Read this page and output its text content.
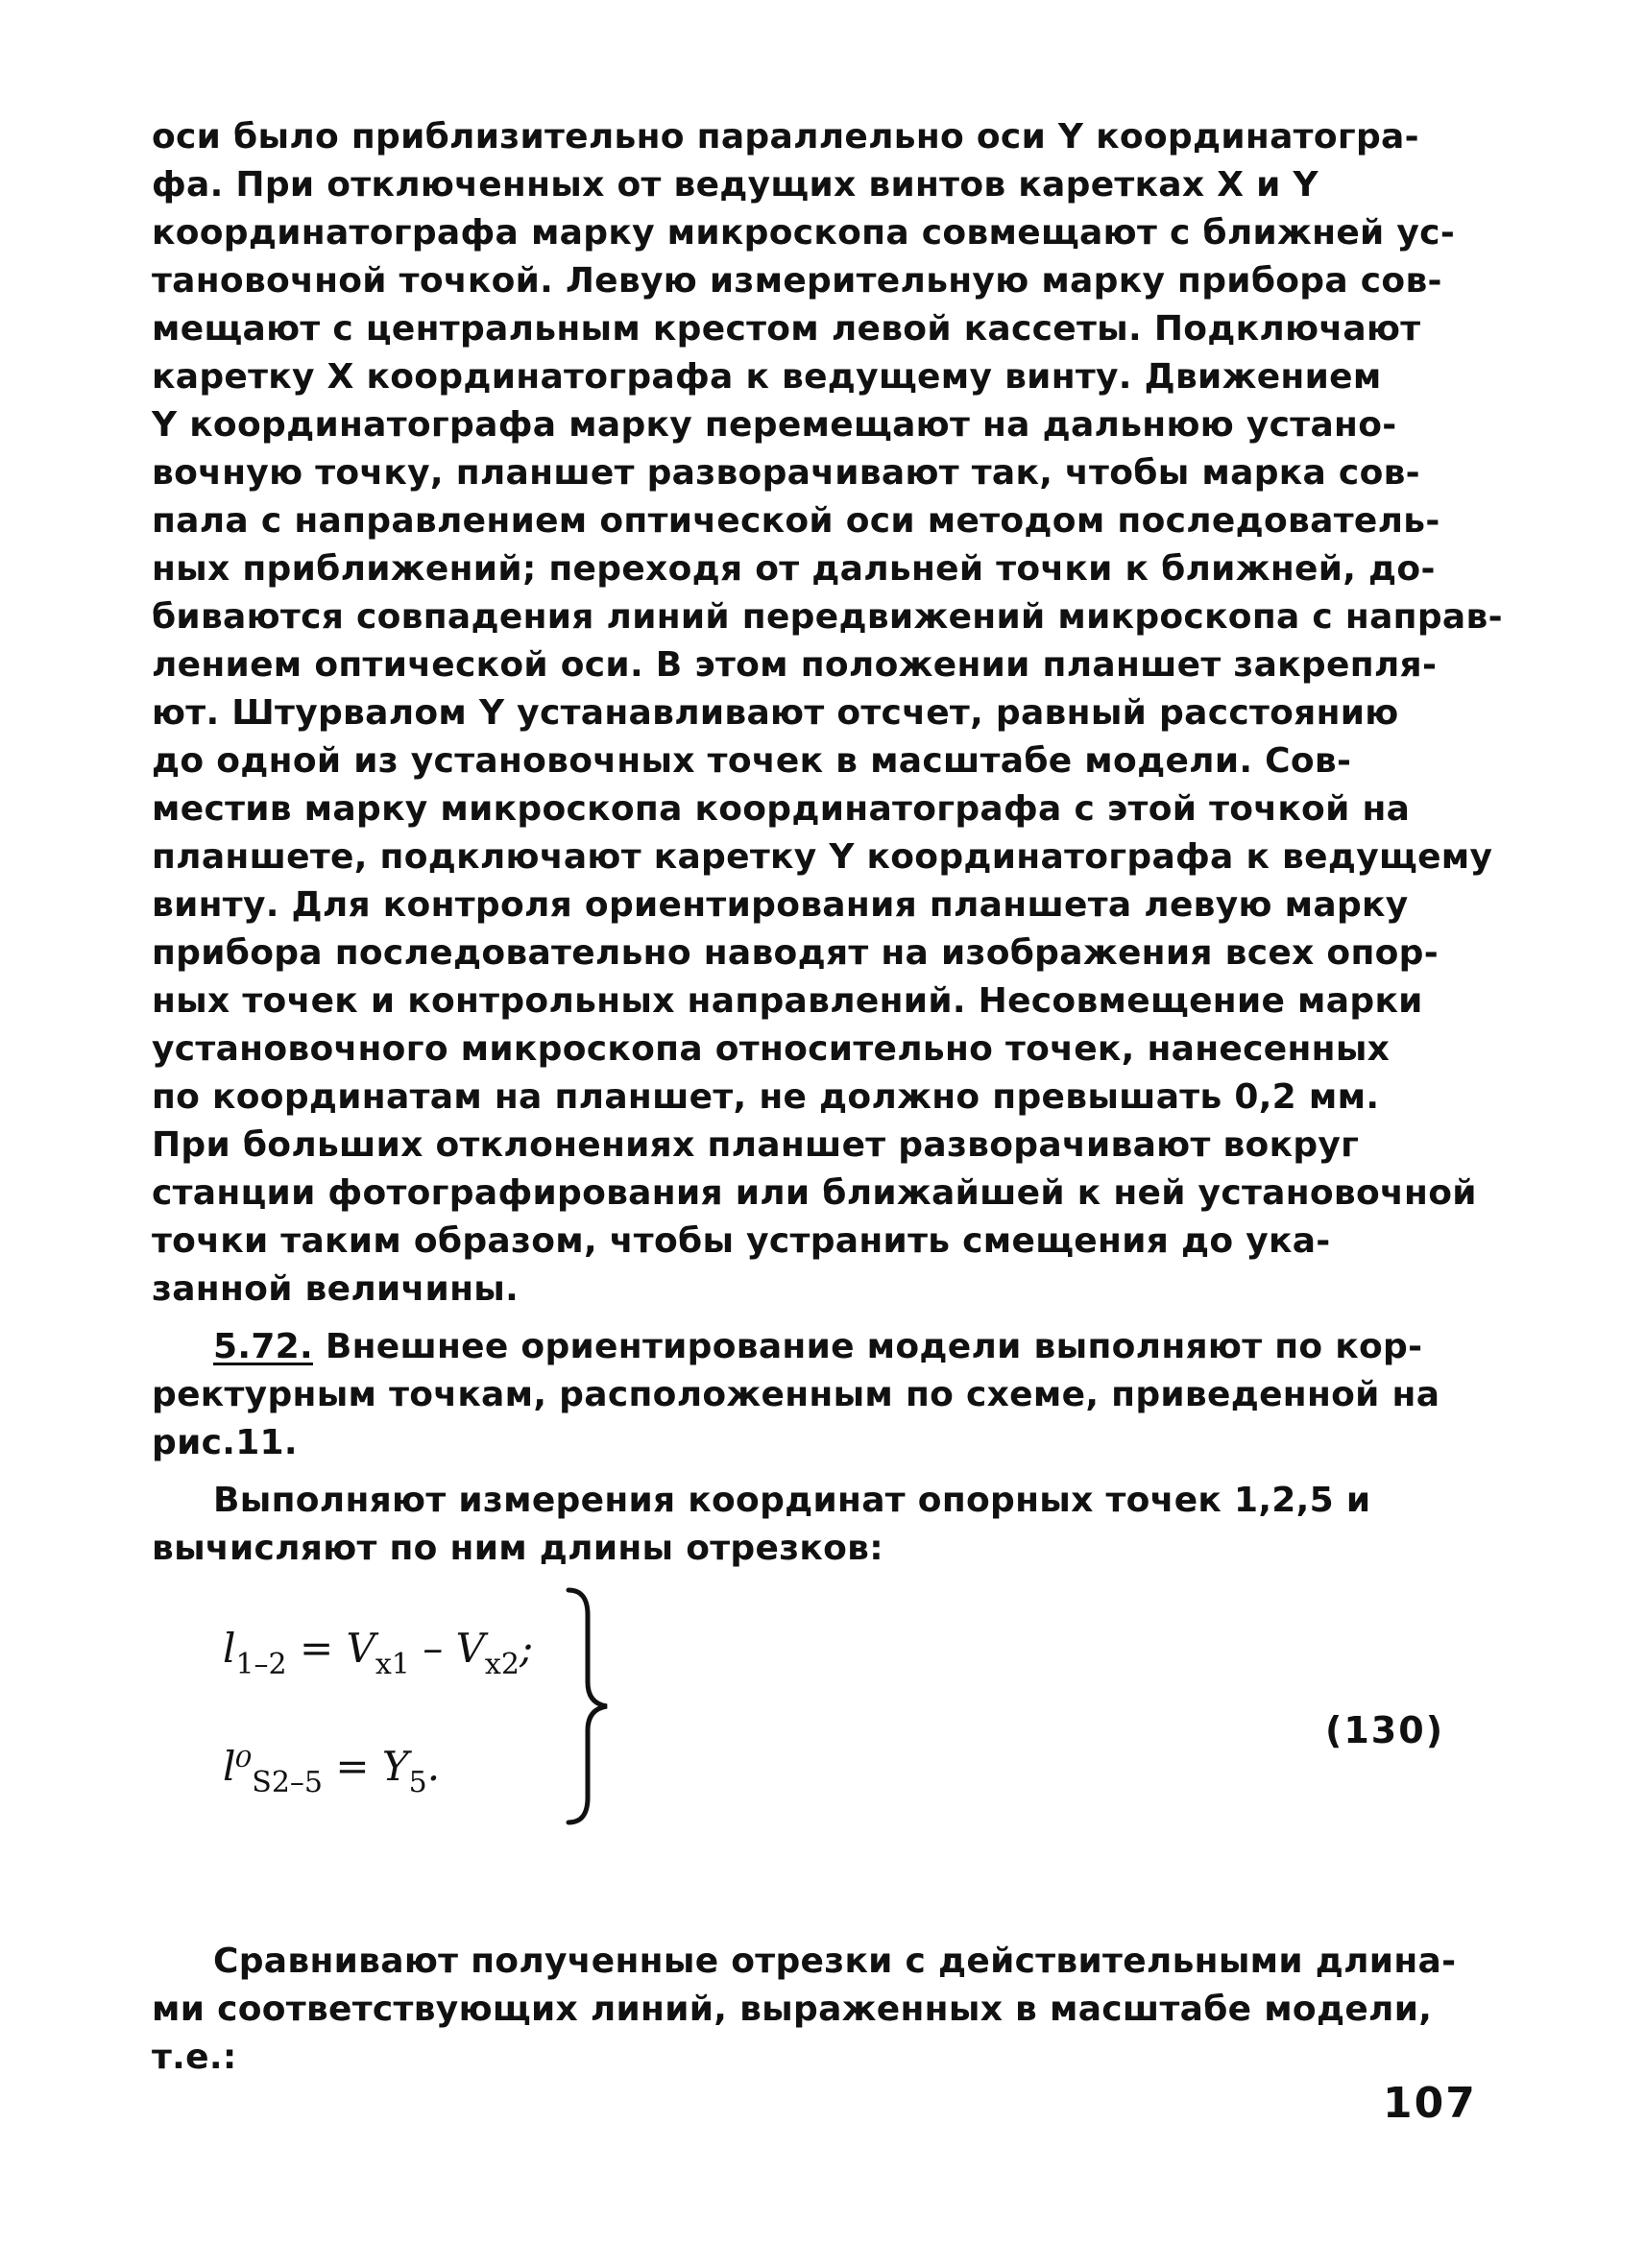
оси было приблизительно параллельно оси Y координатогра-
фа. При отключенных от ведущих винтов каретках X и Y
координатографа марку микроскопа совмещают с ближней ус-
тановочной точкой. Левую измерительную марку прибора сов-
мещают с центральным крестом левой кассеты. Подключают
каретку X координатографа к ведущему винту. Движением
Y координатографа марку перемещают на дальнюю устано-
вочную точку, планшет разворачивают так, чтобы марка сов-
пала с направлением оптической оси методом последователь-
ных приближений; переходя от дальней точки к ближней, до-
биваются совпадения линий передвижений микроскопа с направ-
лением оптической оси. В этом положении планшет закрепля-
ют. Штурвалом Y устанавливают отсчет, равный расстоянию
до одной из установочных точек в масштабе модели. Сов-
местив марку микроскопа координатографа с этой точкой на
планшете, подключают каретку Y координатографа к ведущему
винту. Для контроля ориентирования планшета левую марку
прибора последовательно наводят на изображения всех опор-
ных точек и контрольных направлений. Несовмещение марки
установочного микроскопа относительно точек, нанесенных
по координатам на планшет, не должно превышать 0,2 мм.
При больших отклонениях планшет разворачивают вокруг
станции фотографирования или ближайшей к ней установочной
точки таким образом, чтобы устранить смещения до ука-
занной величины.
5.72. Внешнее ориентирование модели выполняют по кор-
ректурным точкам, расположенным по схеме, приведенной на
рис.11.
Выполняют измерения координат опорных точек 1,2,5 и
вычисляют по ним длины отрезков:
$l_{1-2} = V_{x1} - V_{x2}$;
$l^0_{S2-5} = Y_5$.
(130)
Сравнивают полученные отрезки с действительными длина-
ми соответствующих линий, выраженных в масштабе модели,
т.е.:
107
